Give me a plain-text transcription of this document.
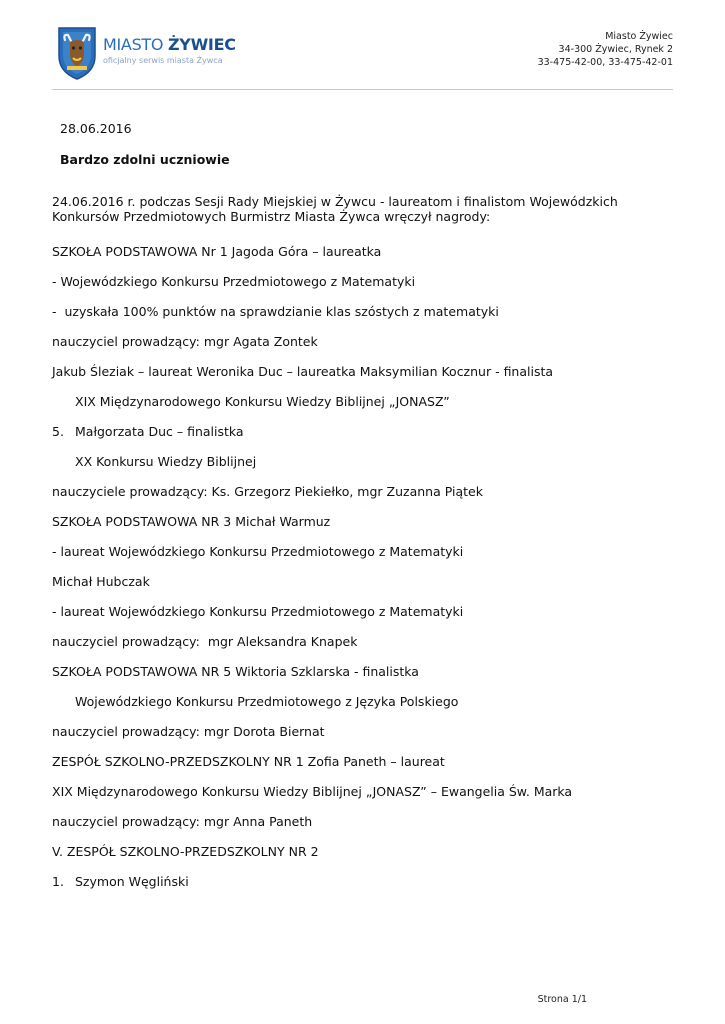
MIASTO ŻYWIEC
oficjalny serwis miasta Żywca
Miasto Żywiec
34-300 Żywiec, Rynek 2
33-475-42-00, 33-475-42-01
28.06.2016
Bardzo zdolni uczniowie

24.06.2016 r. podczas Sesji Rady Miejskiej w Żywcu - laureatom i finalistom Wojewódzkich Konkursów Przedmiotowych Burmistrz Miasta Żywca wręczył nagrody:

SZKOŁA PODSTAWOWA Nr 1 Jagoda Góra – laureatka

- Wojewódzkiego Konkursu Przedmiotowego z Matematyki

-  uzyskała 100% punktów na sprawdzianie klas szóstych z matematyki

nauczyciel prowadzący: mgr Agata Zontek

Jakub Śleziak – laureat Weronika Duc – laureatka Maksymilian Kocznur - finalista

XIX Międzynarodowego Konkursu Wiedzy Biblijnej „JONASZ”

5. Małgorzata Duc – finalistka

XX Konkursu Wiedzy Biblijnej

nauczyciele prowadzący: Ks. Grzegorz Piekiełko, mgr Zuzanna Piątek

SZKOŁA PODSTAWOWA NR 3 Michał Warmuz

- laureat Wojewódzkiego Konkursu Przedmiotowego z Matematyki

Michał Hubczak

- laureat Wojewódzkiego Konkursu Przedmiotowego z Matematyki

nauczyciel prowadzący:  mgr Aleksandra Knapek

SZKOŁA PODSTAWOWA NR 5 Wiktoria Szklarska - finalistka

Wojewódzkiego Konkursu Przedmiotowego z Języka Polskiego

nauczyciel prowadzący: mgr Dorota Biernat

ZESPÓŁ SZKOLNO-PRZEDSZKOLNY NR 1 Zofia Paneth – laureat

XIX Międzynarodowego Konkursu Wiedzy Biblijnej „JONASZ” – Ewangelia Św. Marka

nauczyciel prowadzący: mgr Anna Paneth

V. ZESPÓŁ SZKOLNO-PRZEDSZKOLNY NR 2

1. Szymon Węgliński

Strona 1/1
